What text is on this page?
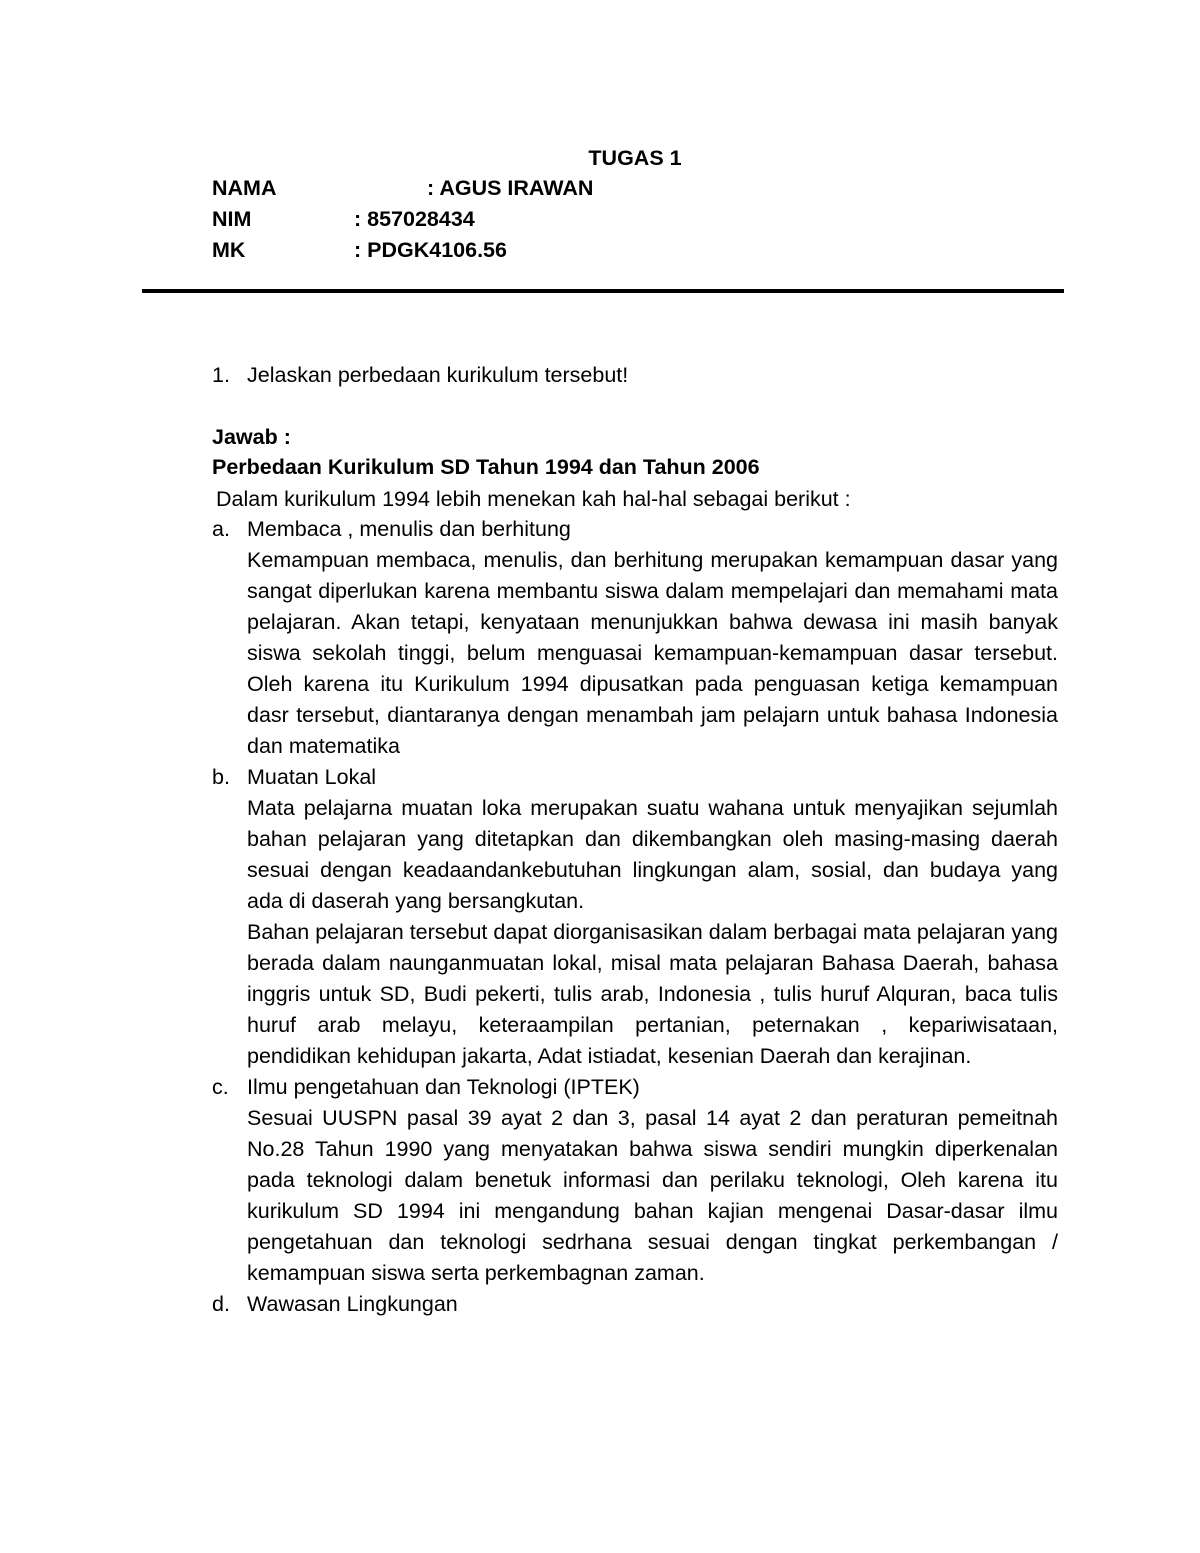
TUGAS 1
NAMA	: AGUS IRAWAN
NIM	: 857028434
MK	: PDGK4106.56
1. Jelaskan perbedaan kurikulum tersebut!
Jawab :
Perbedaan Kurikulum SD Tahun 1994 dan Tahun 2006
Dalam kurikulum 1994 lebih menekan kah hal-hal sebagai berikut :
a. Membaca , menulis dan berhitung
Kemampuan membaca, menulis, dan berhitung merupakan kemampuan dasar yang sangat diperlukan karena membantu siswa dalam mempelajari dan memahami mata pelajaran. Akan tetapi, kenyataan menunjukkan bahwa dewasa ini masih banyak siswa sekolah tinggi, belum menguasai kemampuan-kemampuan dasar tersebut. Oleh karena itu Kurikulum 1994 dipusatkan pada penguasan ketiga kemampuan dasr tersebut, diantaranya dengan menambah jam pelajarn untuk bahasa Indonesia dan matematika
b. Muatan Lokal
Mata pelajarna muatan loka merupakan suatu wahana untuk menyajikan sejumlah bahan pelajaran yang ditetapkan dan dikembangkan oleh masing-masing daerah sesuai dengan keadaandankebutuhan lingkungan alam, sosial, dan budaya yang ada di daserah yang bersangkutan.
Bahan pelajaran tersebut dapat diorganisasikan dalam berbagai mata pelajaran yang berada dalam naunganmuatan lokal, misal mata pelajaran Bahasa Daerah, bahasa inggris untuk SD, Budi pekerti, tulis arab, Indonesia , tulis huruf Alquran, baca tulis huruf arab melayu, keteraampilan pertanian, peternakan , kepariwisataan, pendidikan kehidupan jakarta, Adat istiadat, kesenian Daerah dan kerajinan.
c. Ilmu pengetahuan dan Teknologi (IPTEK)
Sesuai UUSPN pasal 39 ayat 2 dan 3, pasal 14 ayat 2 dan peraturan pemeitnah No.28 Tahun 1990 yang menyatakan bahwa siswa sendiri mungkin diperkenalan pada teknologi dalam benetuk informasi dan perilaku teknologi, Oleh karena itu kurikulum SD 1994 ini mengandung bahan kajian mengenai Dasar-dasar ilmu pengetahuan dan teknologi sedrhana sesuai dengan tingkat perkembangan / kemampuan siswa serta perkembagnan zaman.
d. Wawasan Lingkungan
